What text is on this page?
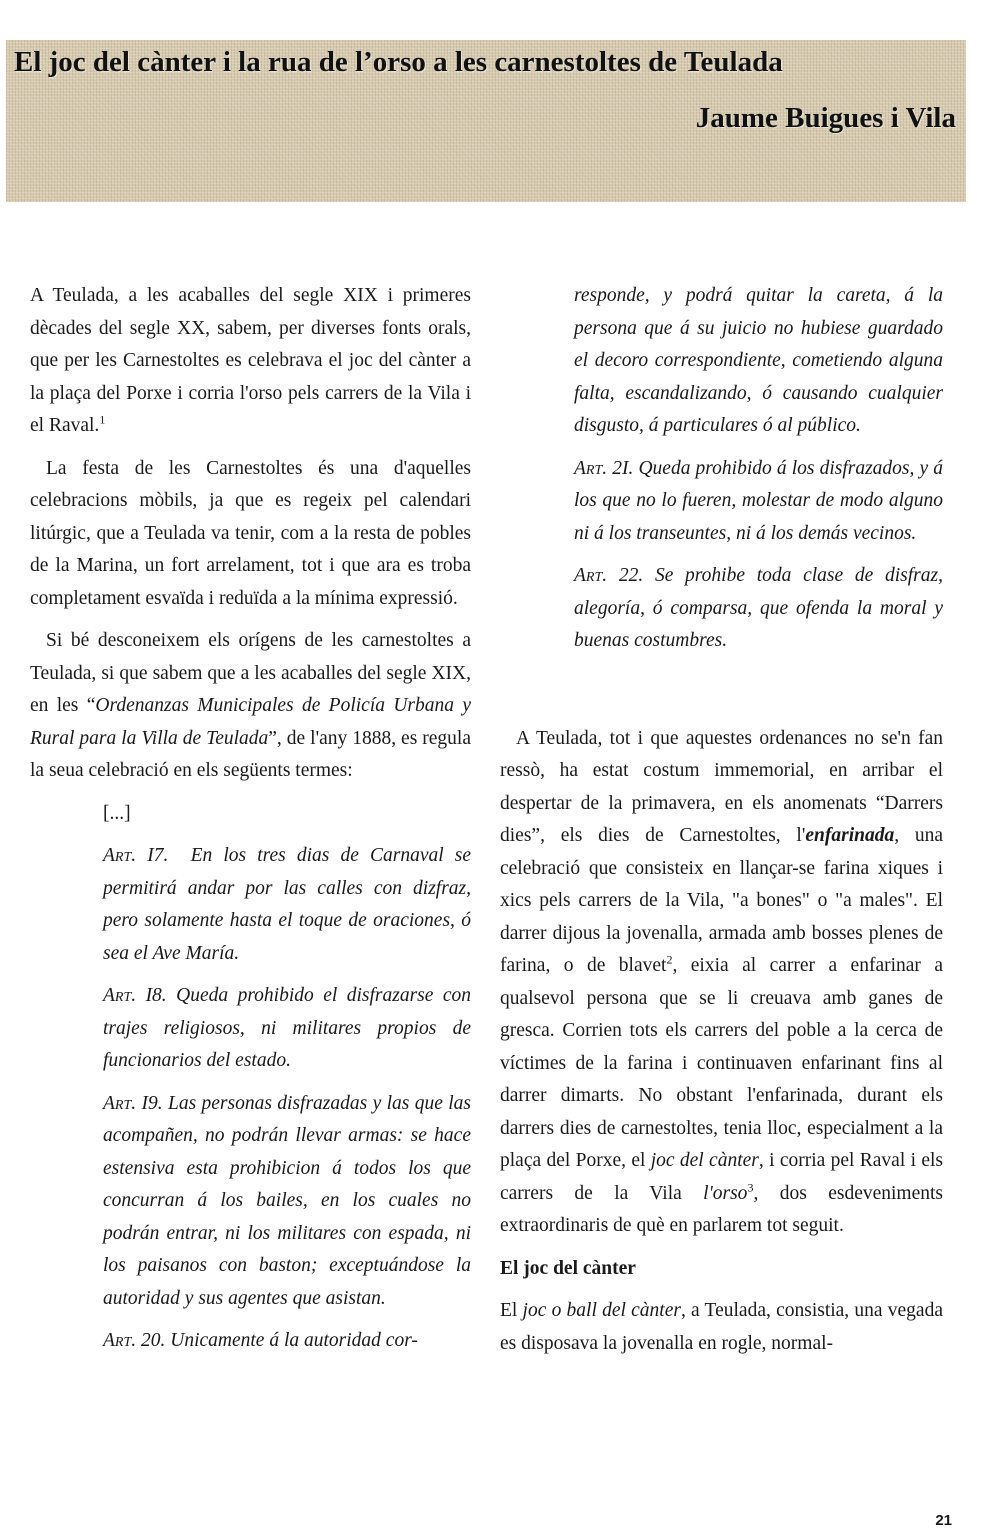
El joc del cànter i la rua de l’orso a les carnestoltes de Teulada
Jaume Buigues i Vila

A Teulada, a les acaballes del segle XIX i primeres dècades del segle XX, sabem, per diverses fonts orals, que per les Carnestoltes es celebrava el joc del cànter a la plaça del Porxe i corria l'orso pels carrers de la Vila i el Raval.$^1$

La festa de les Carnestoltes és una d'aquelles celebracions mòbils, ja que es regeix pel calendari litúrgic, que a Teulada va tenir, com a la resta de pobles de la Marina, un fort arrelament, tot i que ara es troba completament esvaïda i reduïda a la mínima expressió.

Si bé desconeixem els orígens de les carnestoltes a Teulada, si que sabem que a les acaballes del segle XIX, en les “Ordenanzas Municipales de Policía Urbana y Rural para la Villa de Teulada”, de l'any 1888, es regula la seua celebració en els següents termes:

[...]

Art. I7. En los tres dias de Carnaval se permitirá andar por las calles con dizfraz, pero solamente hasta el toque de oraciones, ó sea el Ave María.

Art. I8. Queda prohibido el disfrazarse con trajes religiosos, ni militares propios de funcionarios del estado.

Art. I9. Las personas disfrazadas y las que las acompañen, no podrán llevar armas: se hace estensiva esta prohibicion á todos los que concurran á los bailes, en los cuales no podrán entrar, ni los militares con espada, ni los paisanos con baston; exceptuándose la autoridad y sus agentes que asistan.

Art. 20. Unicamente á la autoridad cor-

responde, y podrá quitar la careta, á la persona que á su juicio no hubiese guardado el decoro correspondiente, cometiendo alguna falta, escandalizando, ó causando cualquier disgusto, á particulares ó al público.

Art. 2I. Queda prohibido á los disfrazados, y á los que no lo fueren, molestar de modo alguno ni á los transeuntes, ni á los demás vecinos.

Art. 22. Se prohibe toda clase de disfraz, alegoría, ó comparsa, que ofenda la moral y buenas costumbres.

A Teulada, tot i que aquestes ordenances no se'n fan ressò, ha estat costum immemorial, en arribar el despertar de la primavera, en els anomenats “Darrers dies”, els dies de Carnestoltes, l'enfarinada, una celebració que consisteix en llançar-se farina xiques i xics pels carrers de la Vila, "a bones" o "a males". El darrer dijous la jovenalla, armada amb bosses plenes de farina, o de blavet$^2$, eixia al carrer a enfarinar a qualsevol persona que se li creuava amb ganes de gresca. Corrien tots els carrers del poble a la cerca de víctimes de la farina i continuaven enfarinant fins al darrer dimarts. No obstant l'enfarinada, durant els darrers dies de carnestoltes, tenia lloc, especialment a la plaça del Porxe, el joc del cànter, i corria pel Raval i els carrers de la Vila l'orso$^3$, dos esdeveniments extraordinaris de què en parlarem tot seguit.

El joc del cànter

El joc o ball del cànter, a Teulada, consistia, una vegada es disposava la jovenalla en rogle, normal-

21
